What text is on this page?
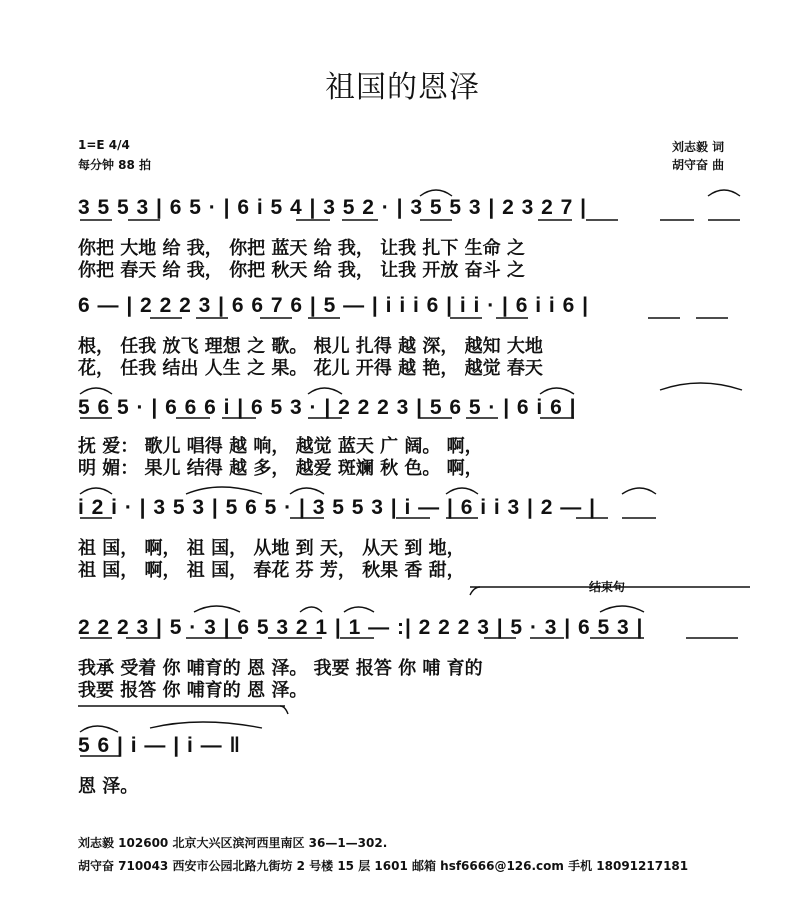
祖国的恩泽
1=E 4/4
每分钟 88 拍
刘志毅 词
胡守奋 曲
3 5 5 3 | 6 5 · | 6 i 5 4 | 3 5 2 · | 3 5 5 3 | 2 3 2 7 |
你把 大地 给 我， 你把 蓝天 给 我， 让我 扎下 生命 之
你把 春天 给 我， 你把 秋天 给 我， 让我 开放 奋斗 之
6 — | 2 2 2 3 | 6 6 7 6 | 5 — | i i i 6 | i i · | 6 i i 6 |
根， 任我 放飞 理想 之 歌。 根儿 扎得 越 深， 越知 大地
花， 任我 结出 人生 之 果。 花儿 开得 越 艳， 越觉 春天
5 6 5 · | 6 6 6 i | 6 5 3 · | 2 2 2 3 | 5 6 5 · | 6 i 6 |
抚 爱： 歌儿 唱得 越 响， 越觉 蓝天 广 阔。 啊，
明 媚： 果儿 结得 越 多， 越爱 斑斓 秋 色。 啊，
i 2 i · | 3 5 3 | 5 6 5 · | 3 5 5 3 | i — | 6 i i 3 | 2 — |
祖 国， 啊， 祖 国， 从地 到 天， 从天 到 地，
祖 国， 啊， 祖 国， 春花 芬 芳， 秋果 香 甜，
结束句
2 2 2 3 | 5 · 3 | 6 5 3 2 1 | 1 — :| 2 2 2 3 | 5 · 3 | 6 5 3 |
我承 受着 你 哺育的 恩 泽。 我要 报答 你 哺 育的
我要 报答 你 哺育的 恩 泽。
5 6 | i — | i — ‖
恩 泽。
刘志毅 102600 北京大兴区滨河西里南区 36—1—302.
胡守奋 710043 西安市公园北路九街坊 2 号楼 15 层 1601 邮箱 hsf6666@126.com 手机 18091217181
